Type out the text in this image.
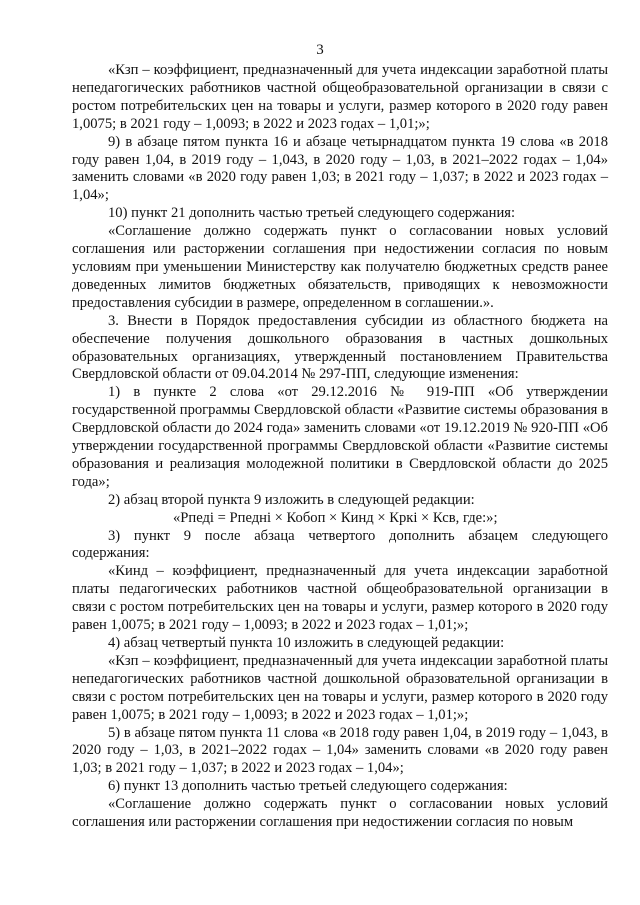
3

«Кзп – коэффициент, предназначенный для учета индексации заработной платы непедагогических работников частной общеобразовательной организации в связи с ростом потребительских цен на товары и услуги, размер которого в 2020 году равен 1,0075; в 2021 году – 1,0093; в 2022 и 2023 годах – 1,01;»;

9) в абзаце пятом пункта 16 и абзаце четырнадцатом пункта 19 слова «в 2018 году равен 1,04, в 2019 году – 1,043, в 2020 году – 1,03, в 2021–2022 годах – 1,04» заменить словами «в 2020 году равен 1,03; в 2021 году – 1,037; в 2022 и 2023 годах – 1,04»;

10) пункт 21 дополнить частью третьей следующего содержания:

«Соглашение должно содержать пункт о согласовании новых условий соглашения или расторжении соглашения при недостижении согласия по новым условиям при уменьшении Министерству как получателю бюджетных средств ранее доведенных лимитов бюджетных обязательств, приводящих к невозможности предоставления субсидии в размере, определенном в соглашении.».

3. Внести в Порядок предоставления субсидии из областного бюджета на обеспечение получения дошкольного образования в частных дошкольных образовательных организациях, утвержденный постановлением Правительства Свердловской области от 09.04.2014 № 297-ПП, следующие изменения:

1) в пункте 2 слова «от 29.12.2016 № 919-ПП «Об утверждении государственной программы Свердловской области «Развитие системы образования в Свердловской области до 2024 года» заменить словами «от 19.12.2019 № 920-ПП «Об утверждении государственной программы Свердловской области «Развитие системы образования и реализация молодежной политики в Свердловской области до 2025 года»;

2) абзац второй пункта 9 изложить в следующей редакции:

«Рпеді = Рпедні × Кобоп × Кинд × Кркі × Ксв, где:»;

3) пункт 9 после абзаца четвертого дополнить абзацем следующего содержания:

«Кинд – коэффициент, предназначенный для учета индексации заработной платы педагогических работников частной общеобразовательной организации в связи с ростом потребительских цен на товары и услуги, размер которого в 2020 году равен 1,0075; в 2021 году – 1,0093; в 2022 и 2023 годах – 1,01;»;

4) абзац четвертый пункта 10 изложить в следующей редакции:

«Кзп – коэффициент, предназначенный для учета индексации заработной платы непедагогических работников частной дошкольной образовательной организации в связи с ростом потребительских цен на товары и услуги, размер которого в 2020 году равен 1,0075; в 2021 году – 1,0093; в 2022 и 2023 годах – 1,01;»;

5) в абзаце пятом пункта 11 слова «в 2018 году равен 1,04, в 2019 году – 1,043, в 2020 году – 1,03, в 2021–2022 годах – 1,04» заменить словами «в 2020 году равен 1,03; в 2021 году – 1,037; в 2022 и 2023 годах – 1,04»;

6) пункт 13 дополнить частью третьей следующего содержания:

«Соглашение должно содержать пункт о согласовании новых условий соглашения или расторжении соглашения при недостижении согласия по новым
